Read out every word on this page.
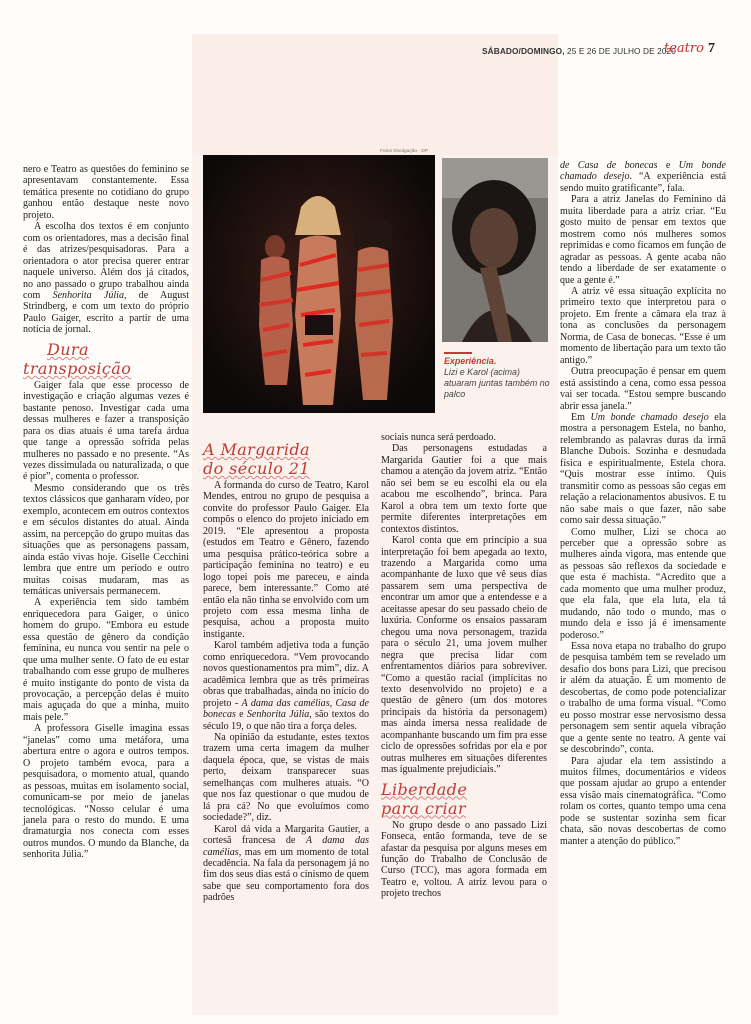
SÁBADO/DOMINGO, 25 E 26 DE JULHO DE 2020
teatro 7

nero e Teatro as questões do feminino se apresentavam constantemente. Essa temática presente no cotidiano do grupo ganhou então destaque neste novo projeto.

A escolha dos textos é em conjunto com os orientadores, mas a decisão final é das atrizes/pesquisadoras. Para a orientadora o ator precisa querer entrar naquele universo. Além dos já citados, no ano passado o grupo trabalhou ainda com Senhorita Júlia, de August Strindberg, e com um texto do próprio Paulo Gaiger, escrito a partir de uma notícia de jornal.

Dura
transposição

Gaiger fala que esse processo de investigação e criação algumas vezes é bastante penoso. Investigar cada uma dessas mulheres e fazer a transposição para os dias atuais é uma tarefa árdua que tange a opressão sofrida pelas mulheres no passado e no presente. “As vezes dissimulada ou naturalizada, o que é pior”, comenta o professor.

Mesmo considerando que os três textos clássicos que ganharam vídeo, por exemplo, acontecem em outros contextos e em séculos distantes do atual. Ainda assim, na percepção do grupo muitas das situações que as personagens passam, ainda estão vivas hoje. Giselle Cecchini lembra que entre um período e outro muitas coisas mudaram, mas as temáticas universais permanecem.

A experiência tem sido também enriquecedora para Gaiger, o único homem do grupo. “Embora eu estude essa questão de gênero da condição feminina, eu nunca vou sentir na pele o que uma mulher sente. O fato de eu estar trabalhando com esse grupo de mulheres é muito instigante do ponto de vista da provocação, a percepção delas é muito mais aguçada do que a minha, muito mais pele.”

A professora Giselle imagina essas “janelas” como uma metáfora, uma abertura entre o agora e outros tempos. O projeto também evoca, para a pesquisadora, o momento atual, quando as pessoas, muitas em isolamento social, comunicam-se por meio de janelas tecnológicas. “Nosso celular é uma janela para o resto do mundo. E uma dramaturgia nos conecta com esses outros mundos. O mundo da Blanche, da senhorita Júlia.”

Fotos Divulgação - DP
Experiência.
Lizi e Karol (acima) atuaram juntas também no palco
A Margarida
do século 21

A formanda do curso de Teatro, Karol Mendes, entrou no grupo de pesquisa a convite do professor Paulo Gaiger. Ela compõs o elenco do projeto iniciado em 2019. “Ele apresentou a proposta (estudos em Teatro e Gênero, fazendo uma pesquisa prático-teórica sobre a participação feminina no teatro) e eu logo topei pois me pareceu, e ainda parece, bem interessante.” Como até então ela não tinha se envolvido com um projeto com essa mesma linha de pesquisa, achou a proposta muito instigante.

Karol também adjetiva toda a função como enriquecedora. “Vem provocando novos questionamentos pra mim”, diz. A acadêmica lembra que as três primeiras obras que trabalhadas, ainda no início do projeto - A dama das camélias, Casa de bonecas e Senhorita Júlia, são textos do século 19, o que não tira a força deles.

Na opinião da estudante, estes textos trazem uma certa imagem da mulher daquela época, que, se vistas de mais perto, deixam transparecer suas semelhanças com mulheres atuais. “O que nos faz questionar o que mudou de lá pra cá? No que evoluímos como sociedade?”, diz.

Karol dá vida a Margarita Gautier, a cortesã francesa de A dama das camélias, mas em um momento de total decadência. Na fala da personagem já no fim dos seus dias está o cinismo de quem sabe que seu comportamento fora dos padrões

sociais nunca será perdoado.

Das personagens estudadas a Margarida Gautier foi a que mais chamou a atenção da jovem atriz. “Então não sei bem se eu escolhi ela ou ela acabou me escolhendo”, brinca. Para Karol a obra tem um texto forte que permite diferentes interpretações em contextos distintos.

Karol conta que em princípio a sua interpretação foi bem apegada ao texto, trazendo a Margarida como uma acompanhante de luxo que vê seus dias passarem sem uma perspectiva de encontrar um amor que a entendesse e a aceitasse apesar do seu passado cheio de luxúria. Conforme os ensaios passaram chegou uma nova personagem, trazida para o século 21, uma jovem mulher negra que precisa lidar com enfrentamentos diários para sobreviver. “Como a questão racial (implícitas no texto desenvolvido no projeto) e a questão de gênero (um dos motores principais da história da personagem) mas ainda imersa nessa realidade de acompanhante buscando um fim pra esse ciclo de opressões sofridas por ela e por outras mulheres em situações diferentes mas igualmente prejudiciais.”

Liberdade
para criar

No grupo desde o ano passado Lizi Fonseca, então formanda, teve de se afastar da pesquisa por alguns meses em função do Trabalho de Conclusão de Curso (TCC), mas agora formada em Teatro e, voltou. A atriz levou para o projeto trechos

de Casa de bonecas e Um bonde chamado desejo. “A experiência está sendo muito gratificante”, fala.

Para a atriz Janelas do Feminino dá muita liberdade para a atriz criar. “Eu gosto muito de pensar em textos que mostrem como nós mulheres somos reprimidas e como ficamos em função de agradar as pessoas. A gente acaba não tendo a liberdade de ser exatamente o que a gente é.”

A atriz vê essa situação explícita no primeiro texto que interpretou para o projeto. Em frente a câmara ela traz à tona as conclusões da personagem Norma, de Casa de bonecas. “Esse é um momento de libertação para um texto tão antigo.”

Outra preocupação é pensar em quem está assistindo a cena, como essa pessoa vai ser tocada. “Estou sempre buscando abrir essa janela.”

Em Um bonde chamado desejo ela mostra a personagem Estela, no banho, relembrando as palavras duras da irmã Blanche Dubois. Sozinha e desnudada física e espiritualmente, Estela chora. “Quis mostrar esse íntimo. Quis transmitir como as pessoas são cegas em relação a relacionamentos abusivos. E tu não sabe mais o que fazer, não sabe como sair dessa situação.”

Como mulher, Lizi se choca ao perceber que a opressão sobre as mulheres ainda vigora, mas entende que as pessoas são reflexos da sociedade e que esta é machista. “Acredito que a cada momento que uma mulher produz, que ela fala, que ela luta, ela tá mudando, não todo o mundo, mas o mundo dela e isso já é imensamente poderoso.”

Essa nova etapa no trabalho do grupo de pesquisa também tem se revelado um desafio dos bons para Lizi, que precisou ir além da atuação. É um momento de descobertas, de como pode potencializar o trabalho de uma forma visual. “Como eu posso mostrar esse nervosismo dessa personagem sem sentir aquela vibração que a gente sente no teatro. A gente vai se descobrindo”, conta.

Para ajudar ela tem assistindo a muitos filmes, documentários e vídeos que possam ajudar ao grupo a entender essa visão mais cinematográfica. “Como rolam os cortes, quanto tempo uma cena pode se sustentar sozinha sem ficar chata, são novas descobertas de como manter a atenção do público.”
